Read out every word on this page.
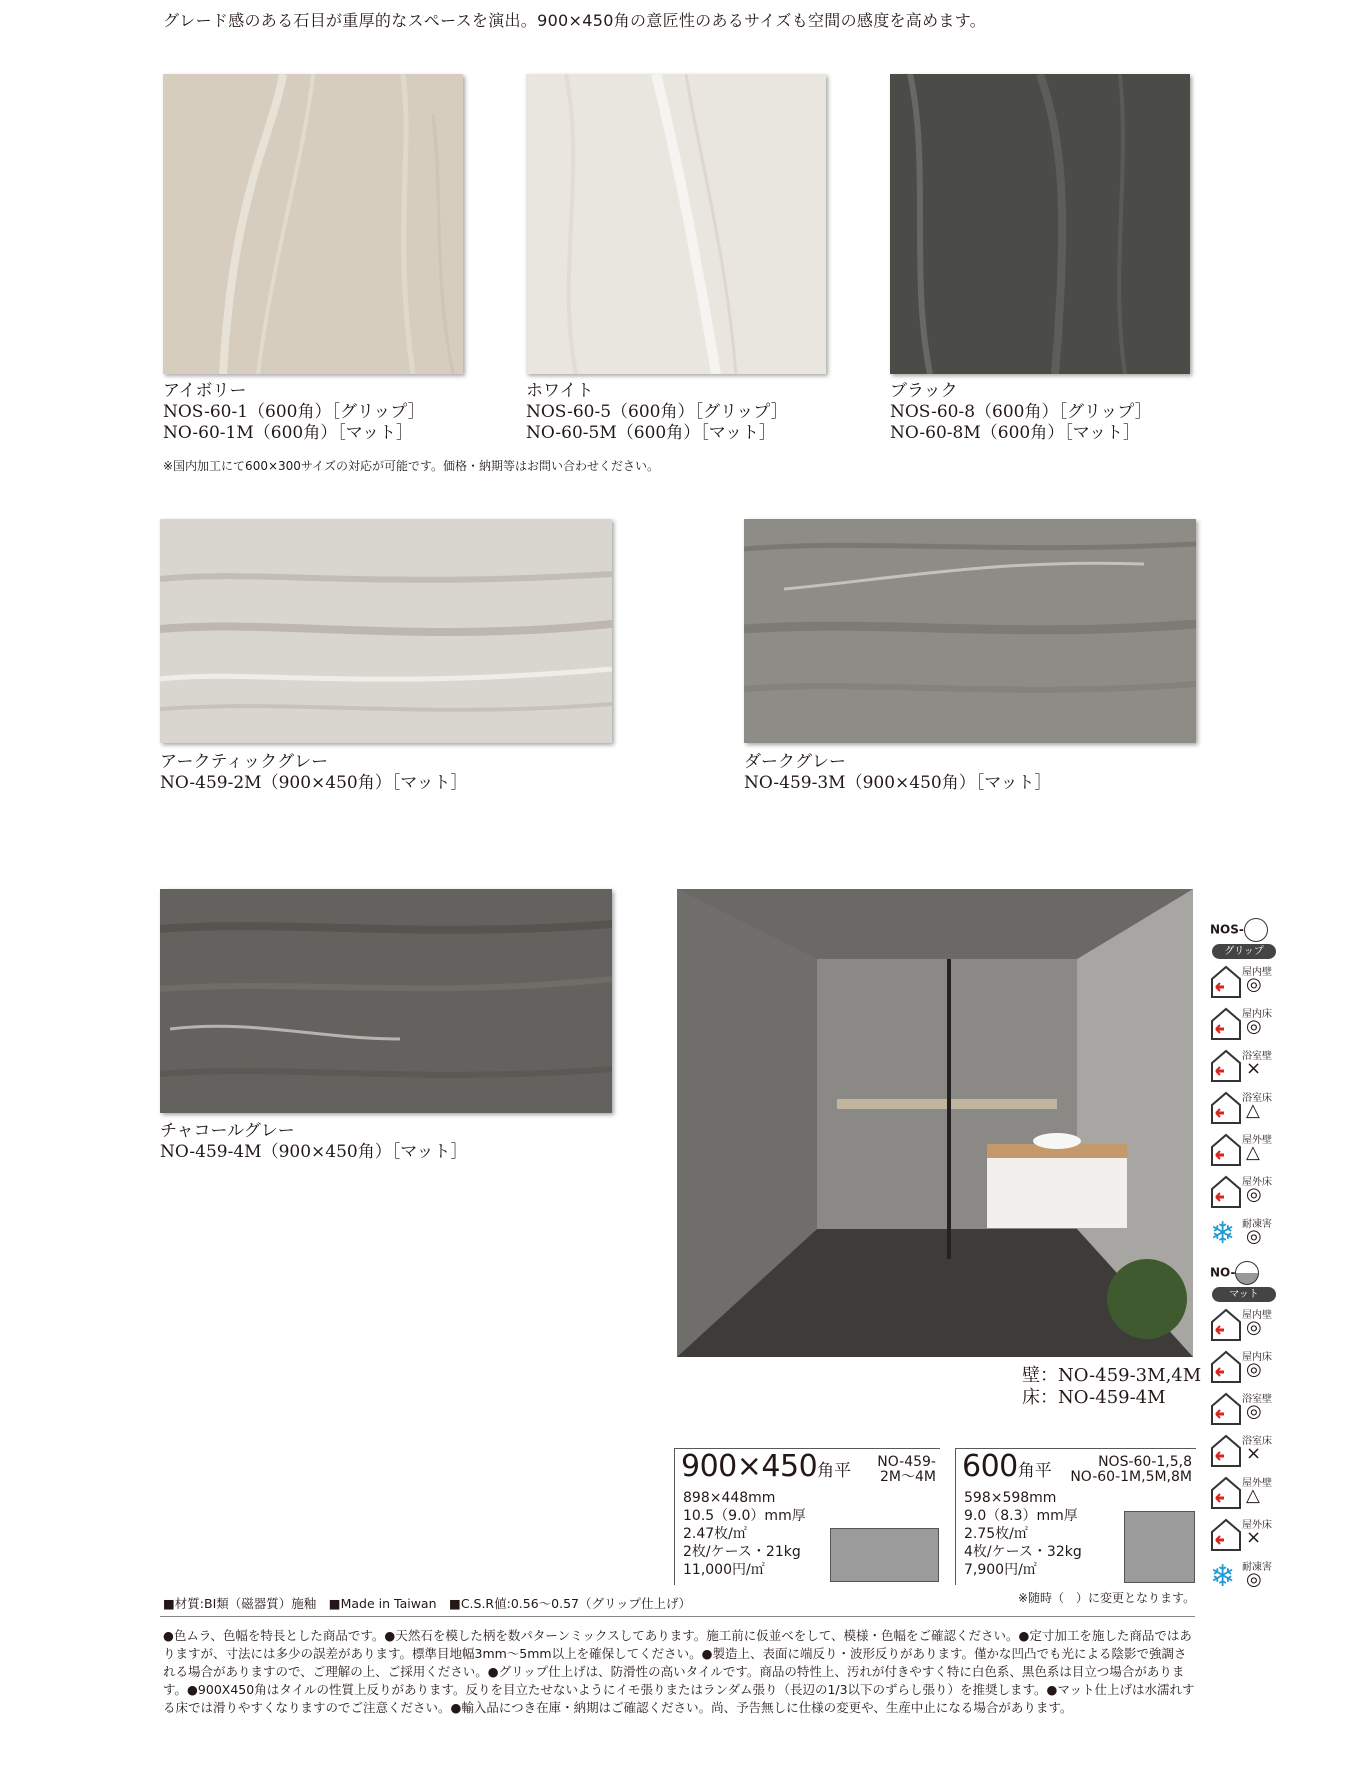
グレード感のある石目が重厚的なスペースを演出。900×450角の意匠性のあるサイズも空間の感度を高めます。
アイボリー
NOS-60-1（600角）［グリップ］
NO-60-1M（600角）［マット］
ホワイト
NOS-60-5（600角）［グリップ］
NO-60-5M（600角）［マット］
ブラック
NOS-60-8（600角）［グリップ］
NO-60-8M（600角）［マット］
※国内加工にて600×300サイズの対応が可能です。価格・納期等はお問い合わせください。
アークティックグレー
NO-459-2M（900×450角）［マット］
ダークグレー
NO-459-3M（900×450角）［マット］
チャコールグレー
NO-459-4M（900×450角）［マット］
壁：NO-459-3M,4M
床：NO-459-4M
900×450角平 NO-459-
2M～4M
898×448mm
10.5（9.0）mm厚
2.47枚/㎡
2枚/ケース・21kg
11,000円/㎡
600角平	NOS-60-1,5,8
NO-60-1M,5M,8M
598×598mm
9.0（8.3）mm厚
2.75枚/㎡
4枚/ケース・32kg
7,900円/㎡
■材質:BI類（磁器質）施釉　■Made in Taiwan　■C.S.R値:0.56～0.57（グリップ仕上げ）	※随時（　）に変更となります。
●色ムラ、色幅を特長とした商品です。●天然石を模した柄を数パターンミックスしてあります。施工前に仮並べをして、模様・色幅をご確認ください。●定寸加工を施した商品ではありますが、寸法には多少の誤差があります。標準目地幅3mm～5mm以上を確保してください。●製造上、表面に端反り・波形反りがあります。僅かな凹凸でも光による陰影で強調される場合がありますので、ご理解の上、ご採用ください。●グリップ仕上げは、防滑性の高いタイルです。商品の特性上、汚れが付きやすく特に白色系、黒色系は目立つ場合があります。●900X450角はタイルの性質上反りがあります。反りを目立たせないようにイモ張りまたはランダム張り（長辺の1/3以下のずらし張り）を推奨します。●マット仕上げは水濡れする床では滑りやすくなりますのでご注意ください。●輸入品につき在庫・納期はご確認ください。尚、予告無しに仕様の変更や、生産中止になる場合があります。
NOS-
グリップ
屋内壁
◎
屋内床
◎
浴室壁
×
浴室床
△
屋外壁
△
屋外床
◎
❄ 耐凍害
◎
NO-
マット
屋内壁
◎
屋内床
◎
浴室壁
◎
浴室床
×
屋外壁
△
屋外床
×
❄ 耐凍害
◎
